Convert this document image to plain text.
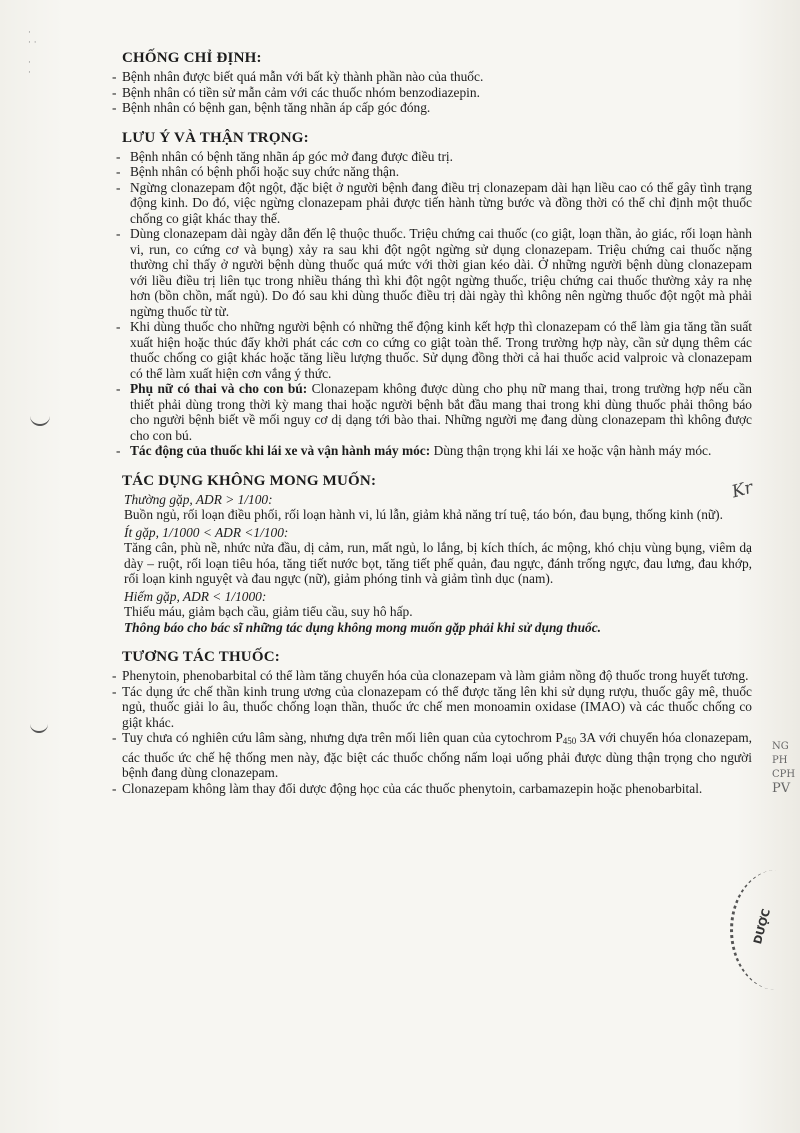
·
· ·

·
·
Kr
NG
PH
CPH
PV
DƯỢC
CHỐNG CHỈ ĐỊNH:
- Bệnh nhân được biết quá mẫn với bất kỳ thành phần nào của thuốc.
- Bệnh nhân có tiền sử mẫn cảm với các thuốc nhóm benzodiazepin.
- Bệnh nhân có bệnh gan, bệnh tăng nhãn áp cấp góc đóng.
LƯU Ý VÀ THẬN TRỌNG:
- Bệnh nhân có bệnh tăng nhãn áp góc mở đang được điều trị.
- Bệnh nhân có bệnh phổi hoặc suy chức năng thận.
- Ngừng clonazepam đột ngột, đặc biệt ở người bệnh đang điều trị clonazepam dài hạn liều cao có thể gây tình trạng động kinh. Do đó, việc ngừng clonazepam phải được tiến hành từng bước và đồng thời có thể chỉ định một thuốc chống co giật khác thay thế.
- Dùng clonazepam dài ngày dẫn đến lệ thuộc thuốc. Triệu chứng cai thuốc (co giật, loạn thần, ảo giác, rối loạn hành vi, run, co cứng cơ và bụng) xảy ra sau khi đột ngột ngừng sử dụng clonazepam. Triệu chứng cai thuốc nặng thường chỉ thấy ở người bệnh dùng thuốc quá mức với thời gian kéo dài. Ở những người bệnh dùng clonazepam với liều điều trị liên tục trong nhiều tháng thì khi đột ngột ngừng thuốc, triệu chứng cai thuốc thường xảy ra nhẹ hơn (bồn chồn, mất ngủ). Do đó sau khi dùng thuốc điều trị dài ngày thì không nên ngừng thuốc đột ngột mà phải ngừng thuốc từ từ.
- Khi dùng thuốc cho những người bệnh có những thể động kinh kết hợp thì clonazepam có thể làm gia tăng tần suất xuất hiện hoặc thúc đẩy khởi phát các cơn co cứng co giật toàn thể. Trong trường hợp này, cần sử dụng thêm các thuốc chống co giật khác hoặc tăng liều lượng thuốc. Sử dụng đồng thời cả hai thuốc acid valproic và clonazepam có thể làm xuất hiện cơn vắng ý thức.
- Phụ nữ có thai và cho con bú: Clonazepam không được dùng cho phụ nữ mang thai, trong trường hợp nếu cần thiết phải dùng trong thời kỳ mang thai hoặc người bệnh bắt đầu mang thai trong khi dùng thuốc phải thông báo cho người bệnh biết về mối nguy cơ dị dạng tới bào thai. Những người mẹ đang dùng clonazepam thì không được cho con bú.
- Tác động của thuốc khi lái xe và vận hành máy móc: Dùng thận trọng khi lái xe hoặc vận hành máy móc.
TÁC DỤNG KHÔNG MONG MUỐN:
Thường gặp, ADR > 1/100:
Buồn ngủ, rối loạn điều phối, rối loạn hành vi, lú lẫn, giảm khả năng trí tuệ, táo bón, đau bụng, thống kinh (nữ).
Ít gặp, 1/1000 < ADR <1/100:
Tăng cân, phù nề, nhức nửa đầu, dị cảm, run, mất ngủ, lo lắng, bị kích thích, ác mộng, khó chịu vùng bụng, viêm dạ dày – ruột, rối loạn tiêu hóa, tăng tiết nước bọt, tăng tiết phế quản, đau ngực, đánh trống ngực, đau lưng, đau khớp, rối loạn kinh nguyệt và đau ngực (nữ), giảm phóng tinh và giảm tình dục (nam).
Hiếm gặp, ADR < 1/1000:
Thiếu máu, giảm bạch cầu, giảm tiểu cầu, suy hô hấp.
Thông báo cho bác sĩ những tác dụng không mong muốn gặp phải khi sử dụng thuốc.
TƯƠNG TÁC THUỐC:
- Phenytoin, phenobarbital có thể làm tăng chuyển hóa của clonazepam và làm giảm nồng độ thuốc trong huyết tương.
- Tác dụng ức chế thần kinh trung ương của clonazepam có thể được tăng lên khi sử dụng rượu, thuốc gây mê, thuốc ngủ, thuốc giải lo âu, thuốc chống loạn thần, thuốc ức chế men monoamin oxidase (IMAO) và các thuốc chống co giật khác.
- Tuy chưa có nghiên cứu lâm sàng, nhưng dựa trên mối liên quan của cytochrom $P_{450}$ 3A với chuyển hóa clonazepam, các thuốc ức chế hệ thống men này, đặc biệt các thuốc chống nấm loại uống phải được dùng thận trọng cho người bệnh đang dùng clonazepam.
- Clonazepam không làm thay đổi dược động học của các thuốc phenytoin, carbamazepin hoặc phenobarbital.
